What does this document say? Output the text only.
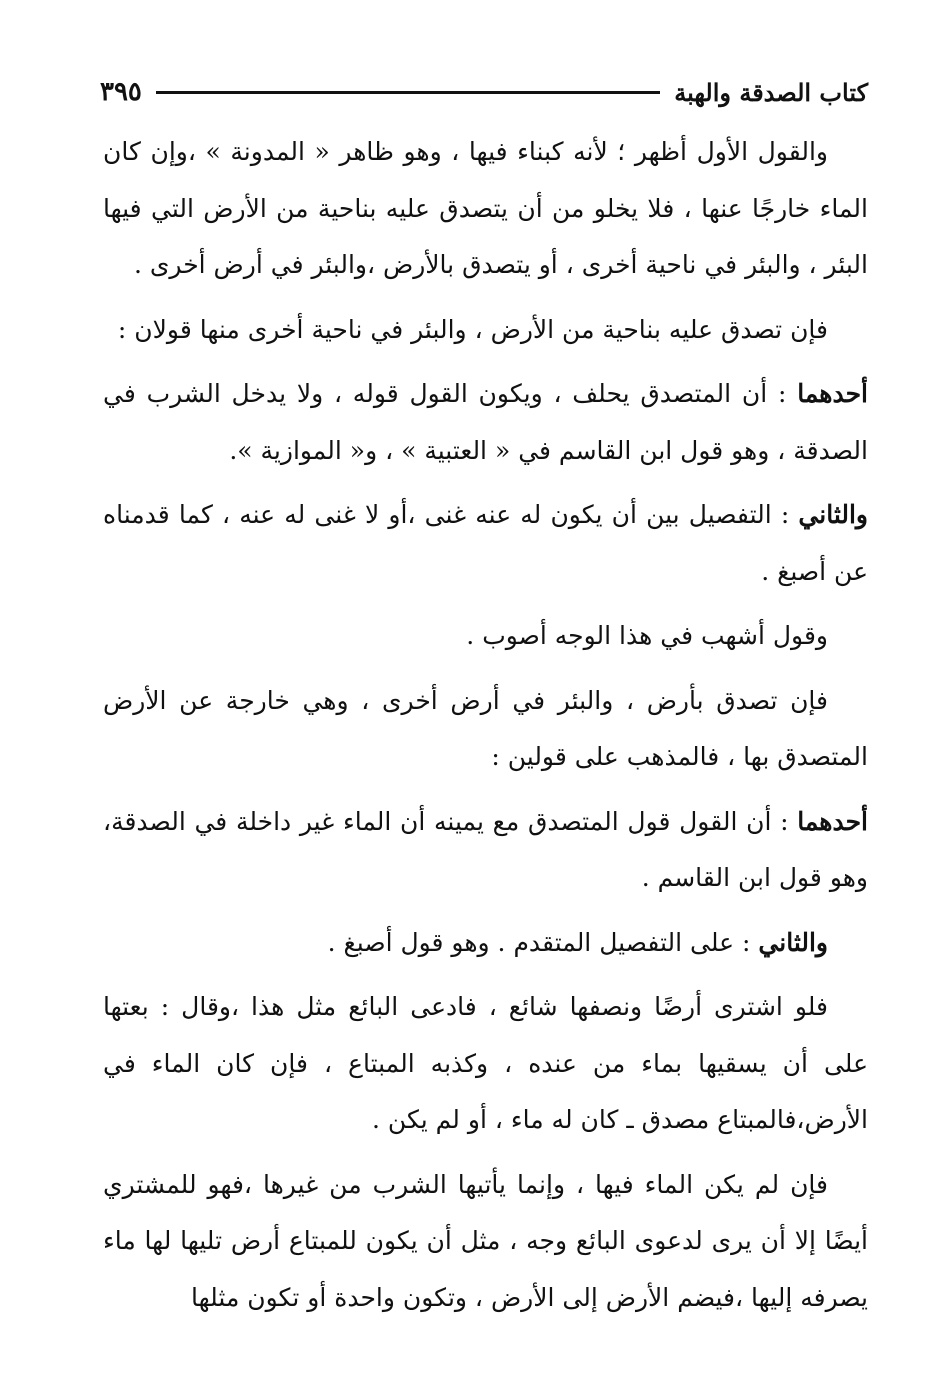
كتاب الصدقة والهبة
٣٩٥

والقول الأول أظهر ؛ لأنه كبناء فيها ، وهو ظاهر « المدونة » ،وإن كان الماء خارجًا عنها ، فلا يخلو من أن يتصدق عليه بناحية من الأرض التي فيها البئر ، والبئر في ناحية أخرى ، أو يتصدق بالأرض ،والبئر في أرض أخرى .

فإن تصدق عليه بناحية من الأرض ، والبئر في ناحية أخرى منها قولان :

أحدهما : أن المتصدق يحلف ، ويكون القول قوله ، ولا يدخل الشرب في الصدقة ، وهو قول ابن القاسم في « العتبية » ، و« الموازية ».

والثاني : التفصيل بين أن يكون له عنه غنى ،أو لا غنى له عنه ، كما قدمناه عن أصبغ .

وقول أشهب في هذا الوجه أصوب .

فإن تصدق بأرض ، والبئر في أرض أخرى ، وهي خارجة عن الأرض المتصدق بها ، فالمذهب على قولين :

أحدهما : أن القول قول المتصدق مع يمينه أن الماء غير داخلة في الصدقة، وهو قول ابن القاسم .

والثاني : على التفصيل المتقدم . وهو قول أصبغ .

فلو اشترى أرضًا ونصفها شائع ، فادعى البائع مثل هذا ،وقال : بعتها على أن يسقيها بماء من عنده ، وكذبه المبتاع ، فإن كان الماء في الأرض،فالمبتاع مصدق ـ كان له ماء ، أو لم يكن .

فإن لم يكن الماء فيها ، وإنما يأتيها الشرب من غيرها ،فهو للمشتري أيضًا إلا أن يرى لدعوى البائع وجه ، مثل أن يكون للمبتاع أرض تليها لها ماء يصرفه إليها ،فيضم الأرض إلى الأرض ، وتكون واحدة أو تكون مثلها
